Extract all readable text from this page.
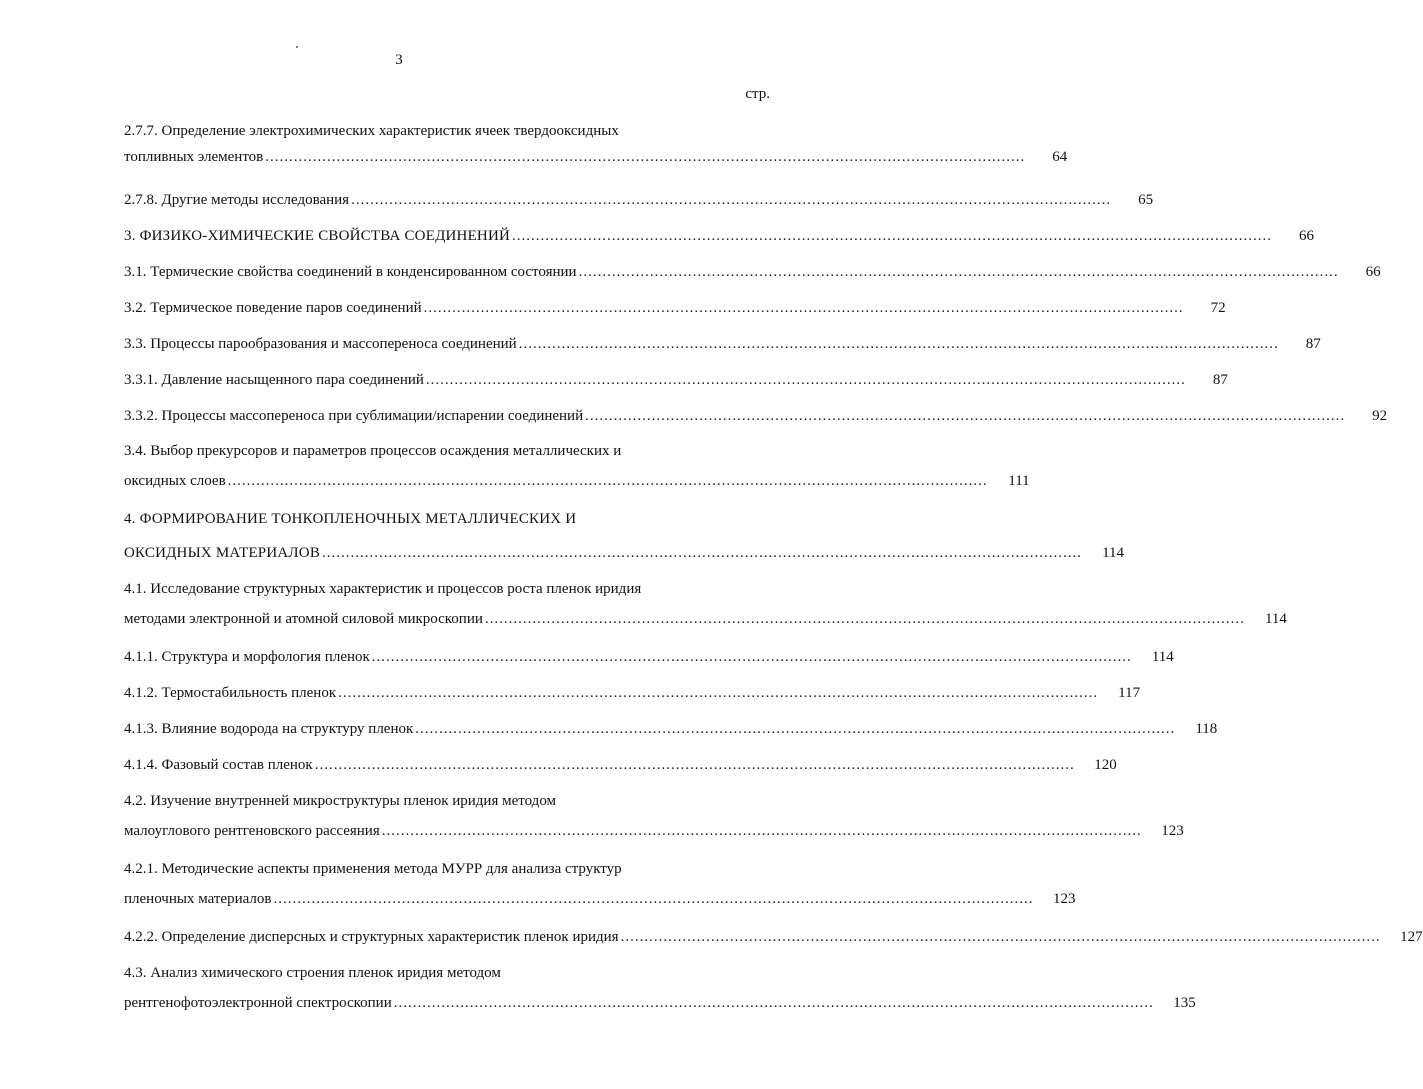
3
стр.
2.7.7. Определение электрохимических характеристик ячеек твердооксидных
топливных элементов ................................................................................................................................................................	64
2.7.8. Другие методы исследования ................................................................................................................................................................	65
3. ФИЗИКО-ХИМИЧЕСКИЕ СВОЙСТВА СОЕДИНЕНИЙ ................................................................................................................................................................	66
3.1. Термические свойства соединений в конденсированном состоянии ................................................................................................................................................................	66
3.2. Термическое поведение паров соединений ................................................................................................................................................................	72
3.3. Процессы парообразования и массопереноса соединений ................................................................................................................................................................	87
3.3.1. Давление насыщенного пара соединений ................................................................................................................................................................	87
3.3.2. Процессы массопереноса при сублимации/испарении соединений ................................................................................................................................................................	92
3.4. Выбор прекурсоров и параметров процессов осаждения металлических и
оксидных слоев ................................................................................................................................................................	111
4. ФОРМИРОВАНИЕ ТОНКОПЛЕНОЧНЫХ МЕТАЛЛИЧЕСКИХ И
ОКСИДНЫХ МАТЕРИАЛОВ ................................................................................................................................................................	114
4.1. Исследование структурных характеристик и процессов роста пленок иридия
методами электронной и атомной силовой микроскопии ................................................................................................................................................................	114
4.1.1. Структура и морфология пленок ................................................................................................................................................................	114
4.1.2. Термостабильность пленок ................................................................................................................................................................	117
4.1.3. Влияние водорода на структуру пленок ................................................................................................................................................................	118
4.1.4. Фазовый состав пленок ................................................................................................................................................................	120
4.2. Изучение внутренней микроструктуры пленок иридия методом
малоуглового рентгеновского рассеяния ................................................................................................................................................................	123
4.2.1. Методические аспекты применения метода МУРР для анализа структур
пленочных материалов ................................................................................................................................................................	123
4.2.2. Определение дисперсных и структурных характеристик пленок иридия ................................................................................................................................................................	127
4.3. Анализ химического строения пленок иридия методом
рентгенофотоэлектронной спектроскопии ................................................................................................................................................................	135
